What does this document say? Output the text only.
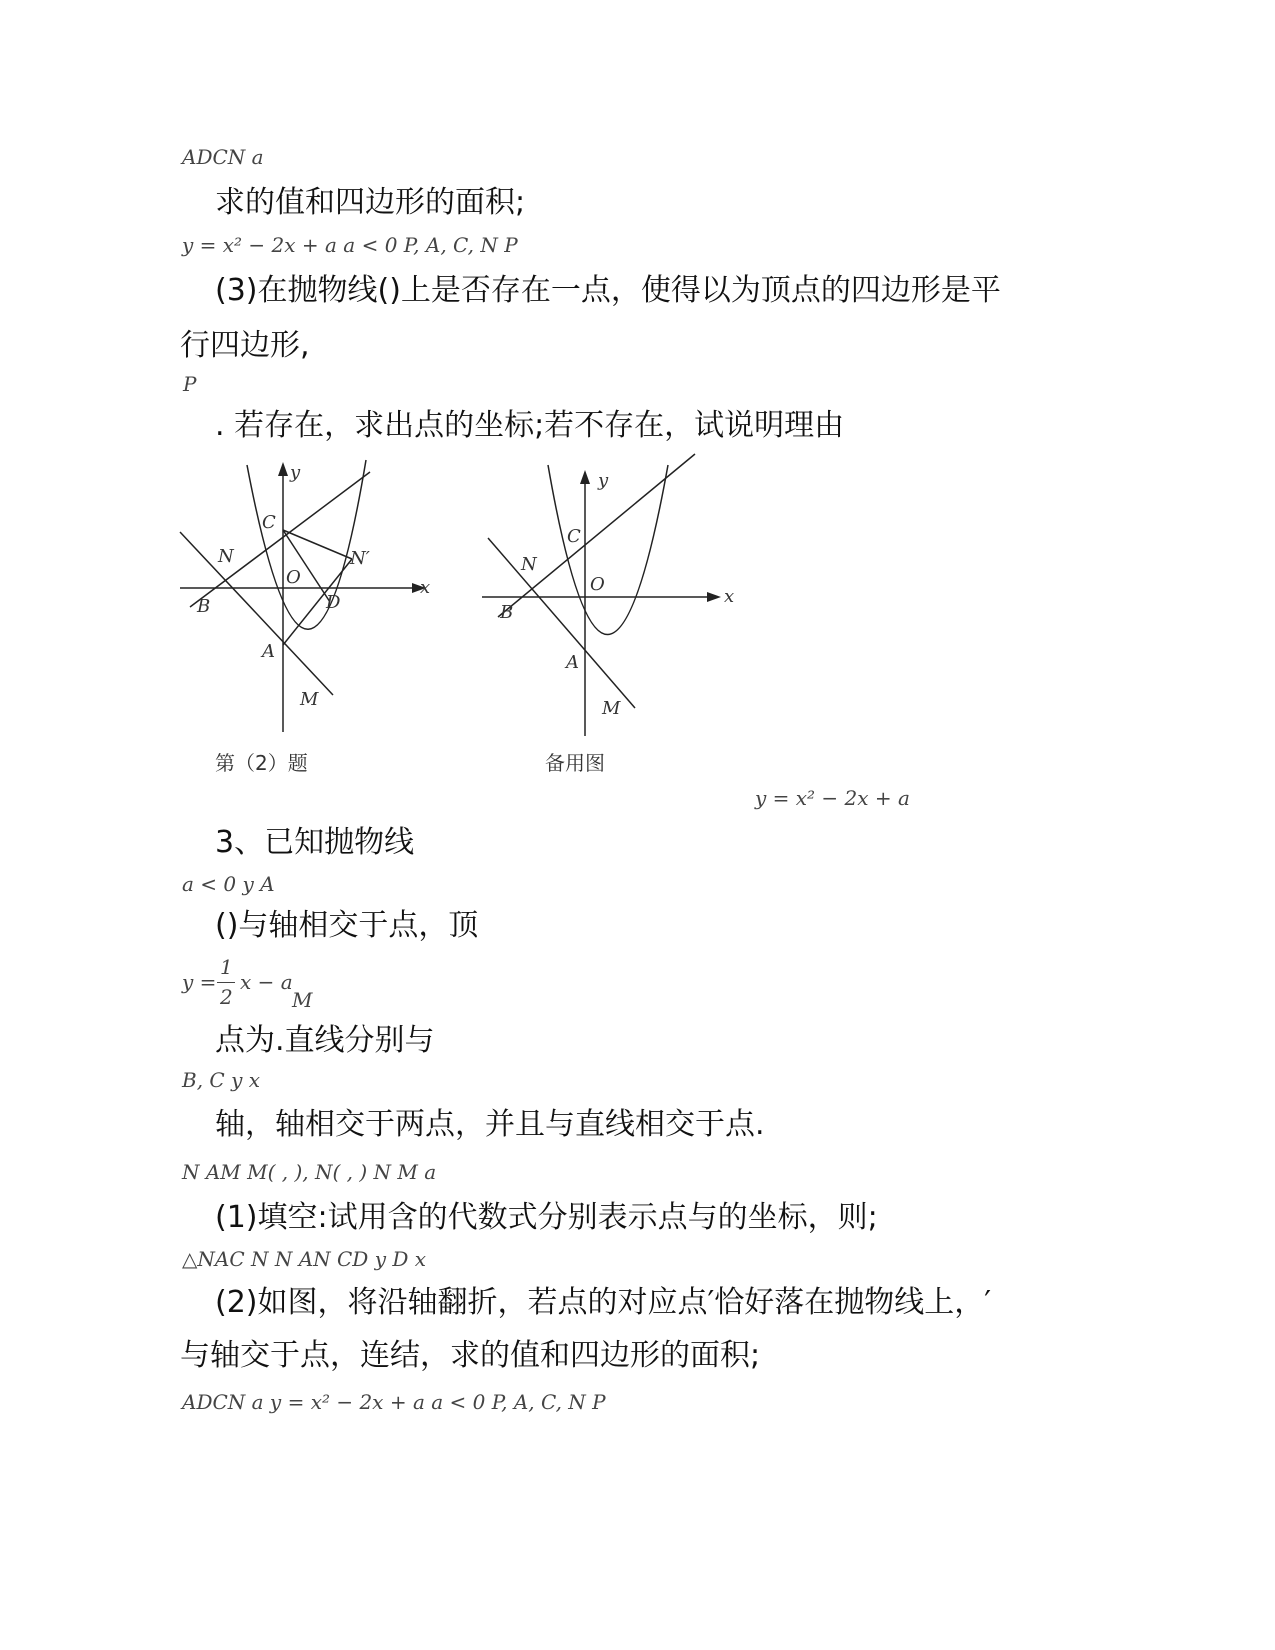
ADCN a
求的值和四边形的面积;
y = x² − 2x + a a < 0 P, A, C, N P
(3)在抛物线()上是否存在一点，使得以为顶点的四边形是平
行四边形,
P
. 若存在，求出点的坐标;若不存在，试说明理由
y
x
C
N	N′
O
B	D
A
M
第（2）题
y
x
C
N
O
B
A
M
备用图
y = x² − 2x + a
3、已知抛物线
a < 0 y A
()与轴相交于点，顶
y =
1
2
x − a
M
点为.直线分别与
B, C y x
轴，轴相交于两点，并且与直线相交于点.
N AM M( , ), N( , ) N M a
(1)填空:试用含的代数式分别表示点与的坐标，则;
△NAC N N AN CD y D x
(2)如图，将沿轴翻折，若点的对应点′恰好落在抛物线上，′
与轴交于点，连结，求的值和四边形的面积;
ADCN a y = x² − 2x + a a < 0 P, A, C, N P
